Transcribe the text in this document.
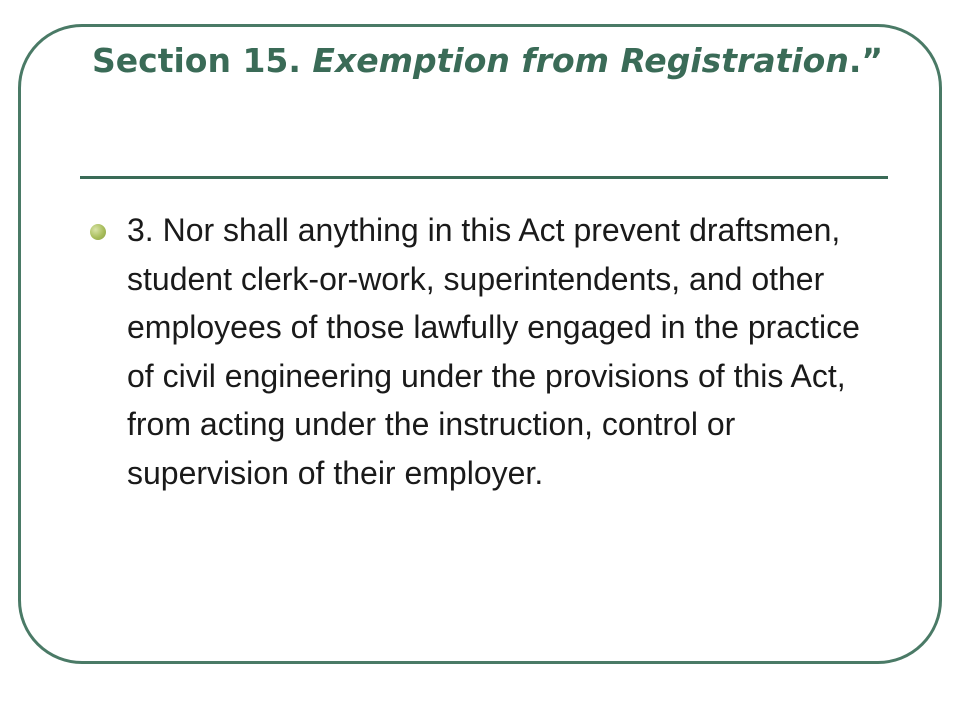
Section 15. Exemption from Registration.”
3. Nor shall anything in this Act prevent draftsmen, student clerk-or-work, superintendents, and other employees of those lawfully engaged in the practice of civil engineering under the provisions of this Act, from acting under the instruction, control or supervision of their employer.
